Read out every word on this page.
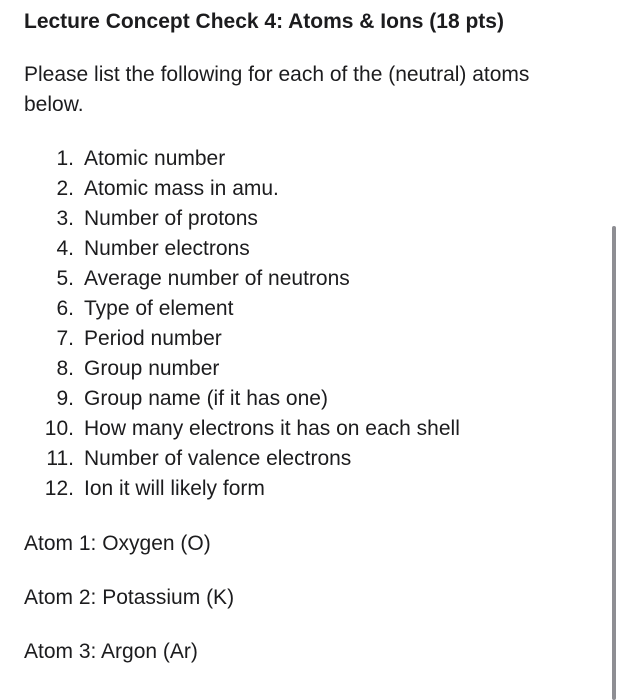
Lecture Concept Check 4: Atoms & Ions (18 pts)
Please list the following for each of the (neutral) atoms below.
1. Atomic number
2. Atomic mass in amu.
3. Number of protons
4. Number electrons
5. Average number of neutrons
6. Type of element
7. Period number
8. Group number
9. Group name (if it has one)
10. How many electrons it has on each shell
11. Number of valence electrons
12. Ion it will likely form
Atom 1: Oxygen (O)
Atom 2: Potassium (K)
Atom 3: Argon (Ar)
